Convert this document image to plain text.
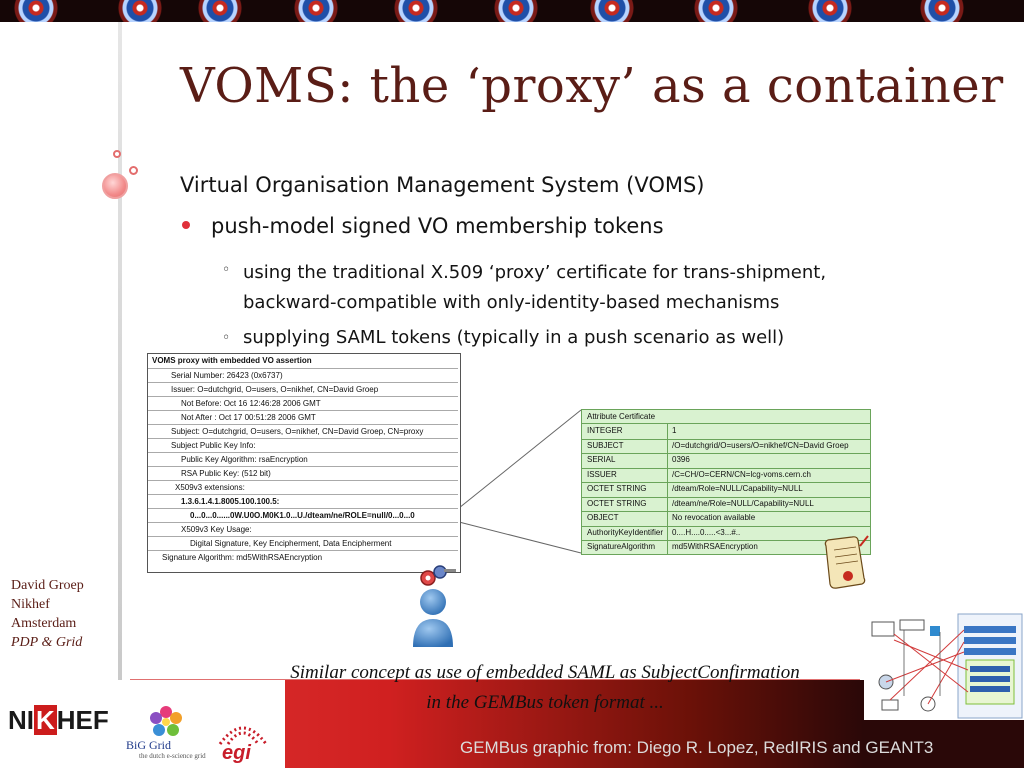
VOMS: the ‘proxy’ as a container
Virtual Organisation Management System (VOMS)
push-model signed VO membership tokens
◦ using the traditional X.509 ‘proxy’ certificate for trans-shipment,
backward-compatible with only-identity-based mechanisms
◦ supplying SAML tokens (typically in a push scenario as well)
VOMS proxy with embedded VO assertion
Serial Number: 26423 (0x6737)
Issuer: O=dutchgrid, O=users, O=nikhef, CN=David Groep
Not Before: Oct 16 12:46:28 2006 GMT
Not After : Oct 17 00:51:28 2006 GMT
Subject: O=dutchgrid, O=users, O=nikhef, CN=David Groep, CN=proxy
Subject Public Key Info:
Public Key Algorithm: rsaEncryption
RSA Public Key: (512 bit)
X509v3 extensions:
1.3.6.1.4.1.8005.100.100.5:
0...0...0......0W.U0O.M0K1.0...U./dteam/ne/ROLE=null/0...0...0
X509v3 Key Usage:
Digital Signature, Key Encipherment, Data Encipherment
Signature Algorithm: md5WithRSAEncryption
Attribute Certificate
INTEGER	1
SUBJECT	/O=dutchgrid/O=users/O=nikhef/CN=David Groep
SERIAL	0396
ISSUER	/C=CH/O=CERN/CN=lcg-voms.cern.ch
OCTET STRING	/dteam/Role=NULL/Capability=NULL
OCTET STRING	/dteam/ne/Role=NULL/Capability=NULL
OBJECT	No revocation available
AuthorityKeyIdentifier 0....H....0.....<3...#..
SignatureAlgorithm md5WithRSAEncryption
David Groep
Nikhef
Amsterdam
PDP & Grid
Similar concept as use of embedded SAML as SubjectConfirmation
in the GEMBus token format ...
NIKHEF
BiG Grid
the dutch e-science grid egi	GEMBus graphic from: Diego R. Lopez, RedIRIS and GEANT3
